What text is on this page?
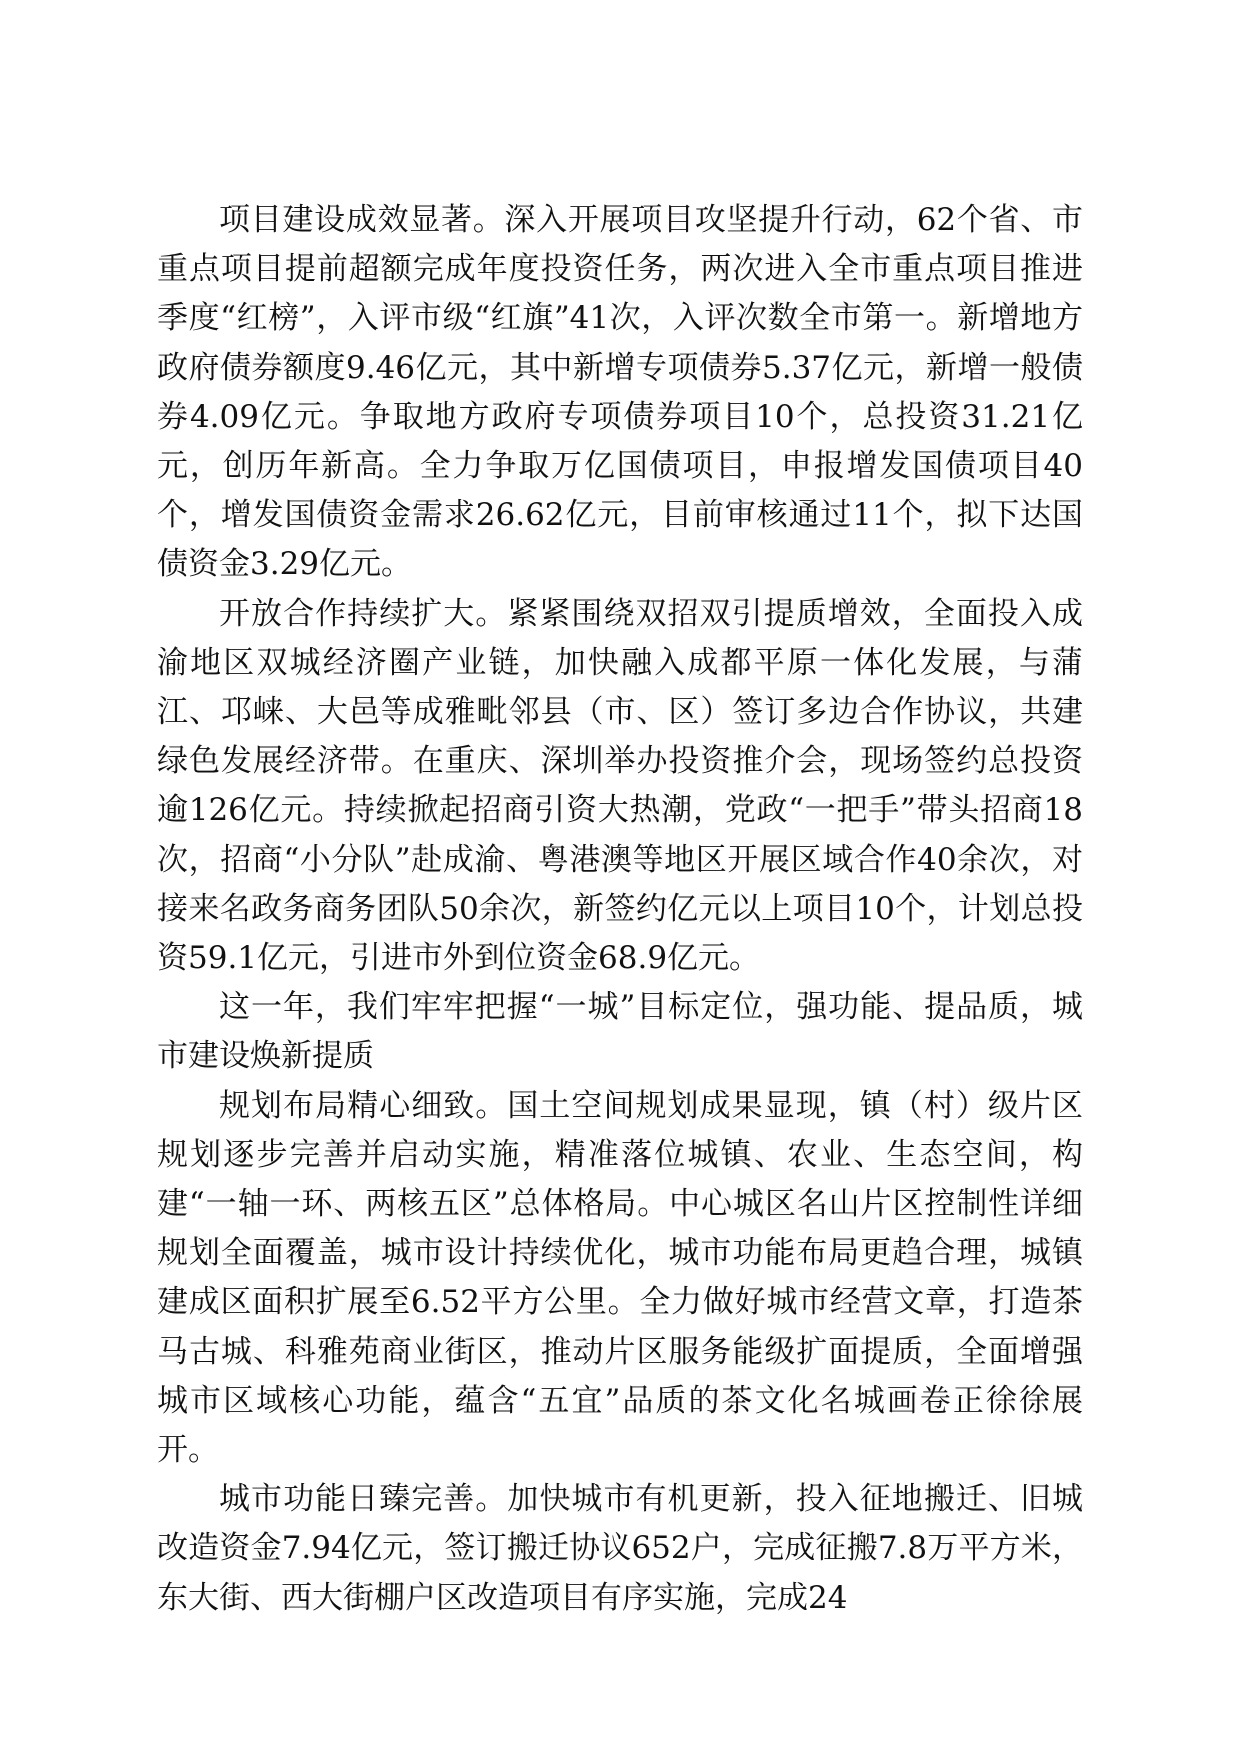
项目建设成效显著。深入开展项目攻坚提升行动，62个省、市重点项目提前超额完成年度投资任务，两次进入全市重点项目推进季度“红榜”，入评市级“红旗”41次，入评次数全市第一。新增地方政府债券额度9.46亿元，其中新增专项债券5.37亿元，新增一般债券4.09亿元。争取地方政府专项债券项目10个，总投资31.21亿元，创历年新高。全力争取万亿国债项目，申报增发国债项目40个，增发国债资金需求26.62亿元，目前审核通过11个，拟下达国债资金3.29亿元。

开放合作持续扩大。紧紧围绕双招双引提质增效，全面投入成渝地区双城经济圈产业链，加快融入成都平原一体化发展，与蒲江、邛崃、大邑等成雅毗邻县（市、区）签订多边合作协议，共建绿色发展经济带。在重庆、深圳举办投资推介会，现场签约总投资逾126亿元。持续掀起招商引资大热潮，党政“一把手”带头招商18次，招商“小分队”赴成渝、粤港澳等地区开展区域合作40余次，对接来名政务商务团队50余次，新签约亿元以上项目10个，计划总投资59.1亿元，引进市外到位资金68.9亿元。

这一年，我们牢牢把握“一城”目标定位，强功能、提品质，城市建设焕新提质

规划布局精心细致。国土空间规划成果显现，镇（村）级片区规划逐步完善并启动实施，精准落位城镇、农业、生态空间，构建“一轴一环、两核五区”总体格局。中心城区名山片区控制性详细规划全面覆盖，城市设计持续优化，城市功能布局更趋合理，城镇建成区面积扩展至6.52平方公里。全力做好城市经营文章，打造茶马古城、科雅苑商业街区，推动片区服务能级扩面提质，全面增强城市区域核心功能，蕴含“五宜”品质的茶文化名城画卷正徐徐展开。

城市功能日臻完善。加快城市有机更新，投入征地搬迁、旧城改造资金7.94亿元，签订搬迁协议652户，完成征搬7.8万平方米，东大街、西大街棚户区改造项目有序实施，完成24
